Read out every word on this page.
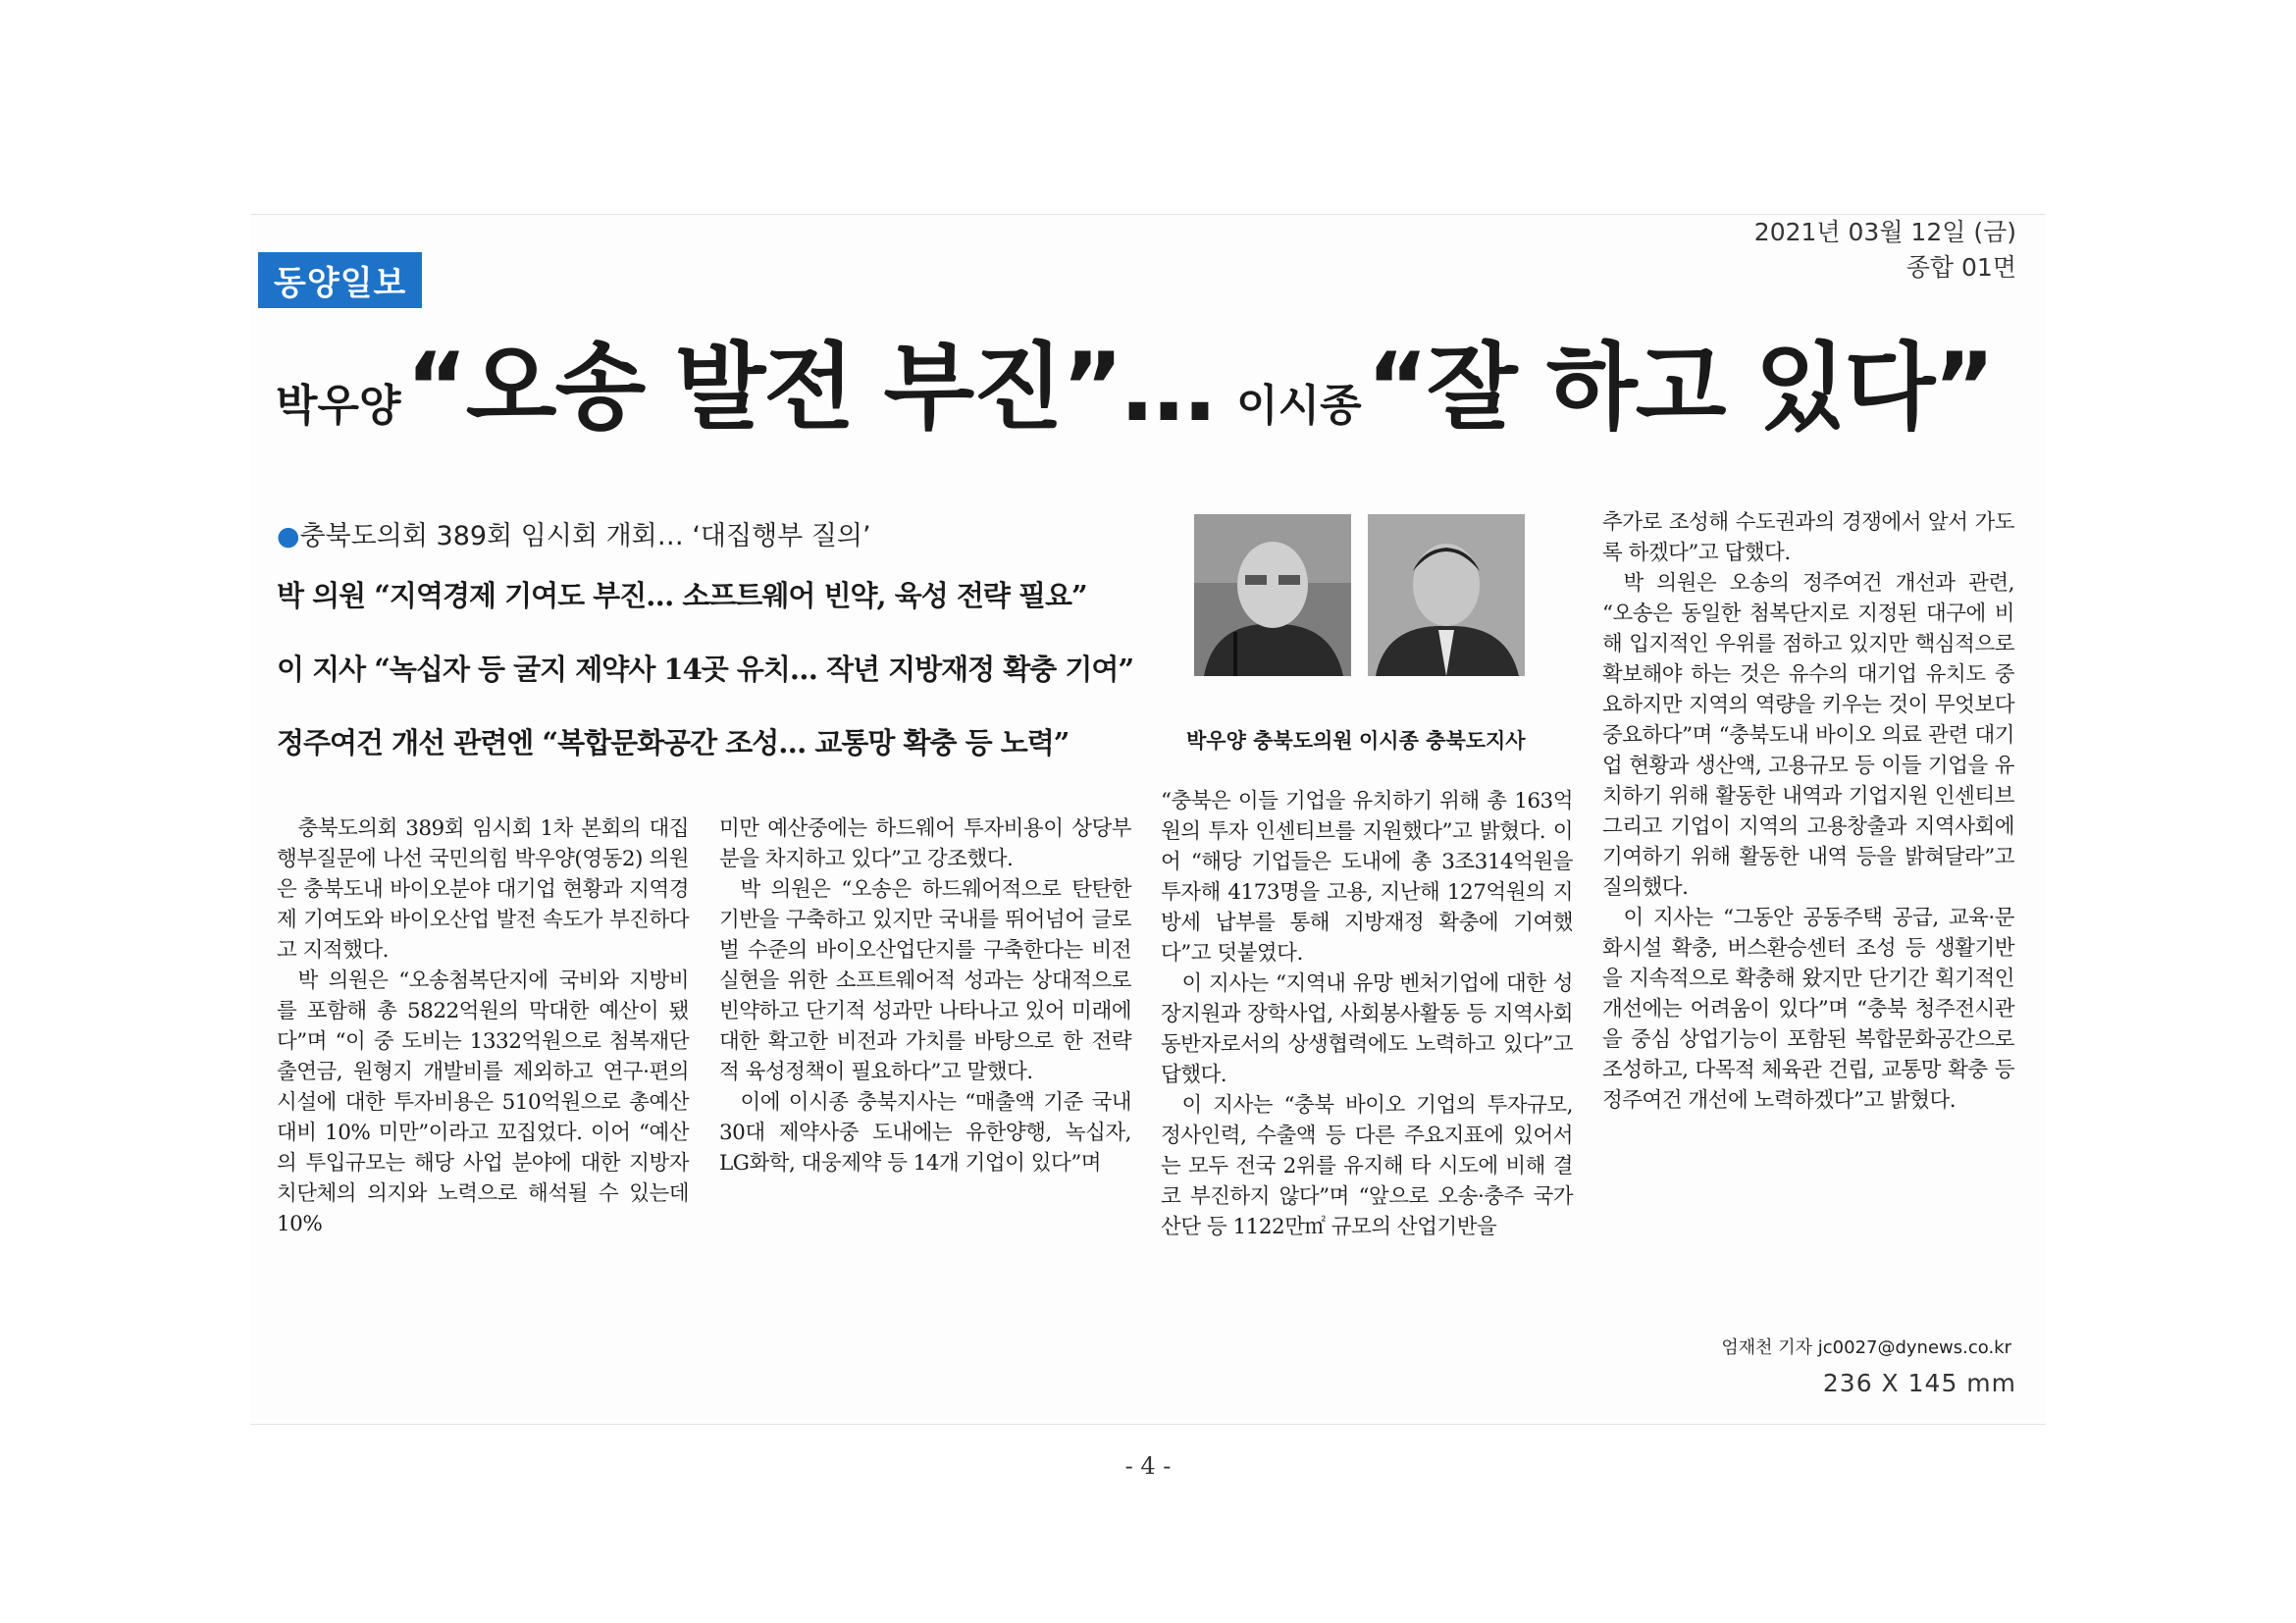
2021년 03월 12일 (금)
종합 01면
동양일보
박우양 “오송 발전 부진”… 이시종 “잘 하고 있다”
●충북도의회 389회 임시회 개회… ‘대집행부 질의’
박 의원 “지역경제 기여도 부진… 소프트웨어 빈약, 육성 전략 필요”
이 지사 “녹십자 등 굴지 제약사 14곳 유치… 작년 지방재정 확충 기여”
정주여건 개선 관련엔 “복합문화공간 조성… 교통망 확충 등 노력”	박우양 충북도의원 이시종 충북도지사

충북도의회 389회 임시회 1차 본회의 대집행부질문에 나선 국민의힘 박우양(영동2) 의원은 충북도내 바이오분야 대기업 현황과 지역경제 기여도와 바이오산업 발전 속도가 부진하다고 지적했다.

박 의원은 “오송첨복단지에 국비와 지방비를 포함해 총 5822억원의 막대한 예산이 됐다”며 “이 중 도비는 1332억원으로 첨복재단 출연금, 원형지 개발비를 제외하고 연구·편의시설에 대한 투자비용은 510억원으로 총예산대비 10% 미만”이라고 꼬집었다. 이어 “예산의 투입규모는 해당 사업 분야에 대한 지방자치단체의 의지와 노력으로 해석될 수 있는데 10%

미만 예산중에는 하드웨어 투자비용이 상당부분을 차지하고 있다”고 강조했다.

박 의원은 “오송은 하드웨어적으로 탄탄한 기반을 구축하고 있지만 국내를 뛰어넘어 글로벌 수준의 바이오산업단지를 구축한다는 비전 실현을 위한 소프트웨어적 성과는 상대적으로 빈약하고 단기적 성과만 나타나고 있어 미래에 대한 확고한 비전과 가치를 바탕으로 한 전략적 육성정책이 필요하다”고 말했다.

이에 이시종 충북지사는 “매출액 기준 국내 30대 제약사중 도내에는 유한양행, 녹십자, LG화학, 대웅제약 등 14개 기업이 있다”며

“충북은 이들 기업을 유치하기 위해 총 163억원의 투자 인센티브를 지원했다”고 밝혔다. 이어 “해당 기업들은 도내에 총 3조314억원을 투자해 4173명을 고용, 지난해 127억원의 지방세 납부를 통해 지방재정 확충에 기여했다”고 덧붙였다.

이 지사는 “지역내 유망 벤처기업에 대한 성장지원과 장학사업, 사회봉사활동 등 지역사회 동반자로서의 상생협력에도 노력하고 있다”고 답했다.

이 지사는 “충북 바이오 기업의 투자규모, 정사인력, 수출액 등 다른 주요지표에 있어서는 모두 전국 2위를 유지해 타 시도에 비해 결코 부진하지 않다”며 “앞으로 오송·충주 국가산단 등 1122만㎡ 규모의 산업기반을

추가로 조성해 수도권과의 경쟁에서 앞서 가도록 하겠다”고 답했다.

박 의원은 오송의 정주여건 개선과 관련, “오송은 동일한 첨복단지로 지정된 대구에 비해 입지적인 우위를 점하고 있지만 핵심적으로 확보해야 하는 것은 유수의 대기업 유치도 중요하지만 지역의 역량을 키우는 것이 무엇보다 중요하다”며 “충북도내 바이오 의료 관련 대기업 현황과 생산액, 고용규모 등 이들 기업을 유치하기 위해 활동한 내역과 기업지원 인센티브 그리고 기업이 지역의 고용창출과 지역사회에 기여하기 위해 활동한 내역 등을 밝혀달라”고 질의했다.

이 지사는 “그동안 공동주택 공급, 교육·문화시설 확충, 버스환승센터 조성 등 생활기반을 지속적으로 확충해 왔지만 단기간 획기적인 개선에는 어려움이 있다”며 “충북 청주전시관을 중심 상업기능이 포함된 복합문화공간으로 조성하고, 다목적 체육관 건립, 교통망 확충 등 정주여건 개선에 노력하겠다”고 밝혔다.

엄재천 기자 jc0027@dynews.co.kr
236 X 145 mm
- 4 -
